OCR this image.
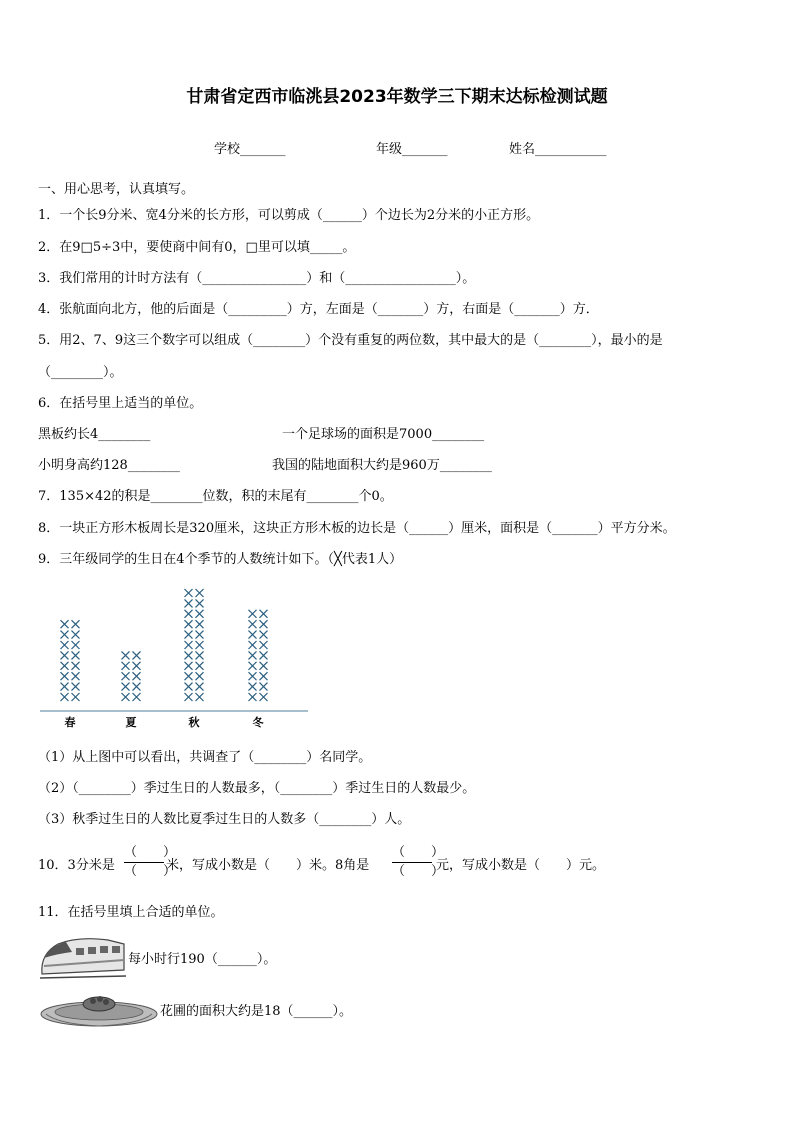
甘肃省定西市临洮县2023年数学三下期末达标检测试题
学校_______	年级_______	姓名___________
一、用心思考，认真填写。
1．一个长9分米、宽4分米的长方形，可以剪成（______）个边长为2分米的小正方形。
2．在9□5÷3中，要使商中间有0，□里可以填_____。
3．我们常用的计时方法有（________________）和（_________________）。
4．张航面向北方，他的后面是（_________）方，左面是（_______）方，右面是（_______）方．
5．用2、7、9这三个数字可以组成（________）个没有重复的两位数，其中最大的是（________），最小的是
（________）。
6．在括号里上适当的单位。
黑板约长4________	一个足球场的面积是7000________
小明身高约128________	我国的陆地面积大约是960万________
7．135×42的积是________位数，积的末尾有________个0。
8．一块正方形木板周长是320厘米，这块正方形木板的边长是（______）厘米，面积是（_______）平方分米。
9．三年级同学的生日在4个季节的人数统计如下。（╳代表1人）
春	夏	秋	冬
（1）从上图中可以看出，共调查了（________）名同学。
（2）（________）季过生日的人数最多，（________）季过生日的人数最少。
（3）秋季过生日的人数比夏季过生日的人数多（________）人。
10．3分米是
（　　）
（　　）
米，写成小数是（　　）米。8角是
（　　）
（　　）
元，写成小数是（　　）元。
11．在括号里填上合适的单位。
每小时行190（______）。
花圃的面积大约是18（______）。
